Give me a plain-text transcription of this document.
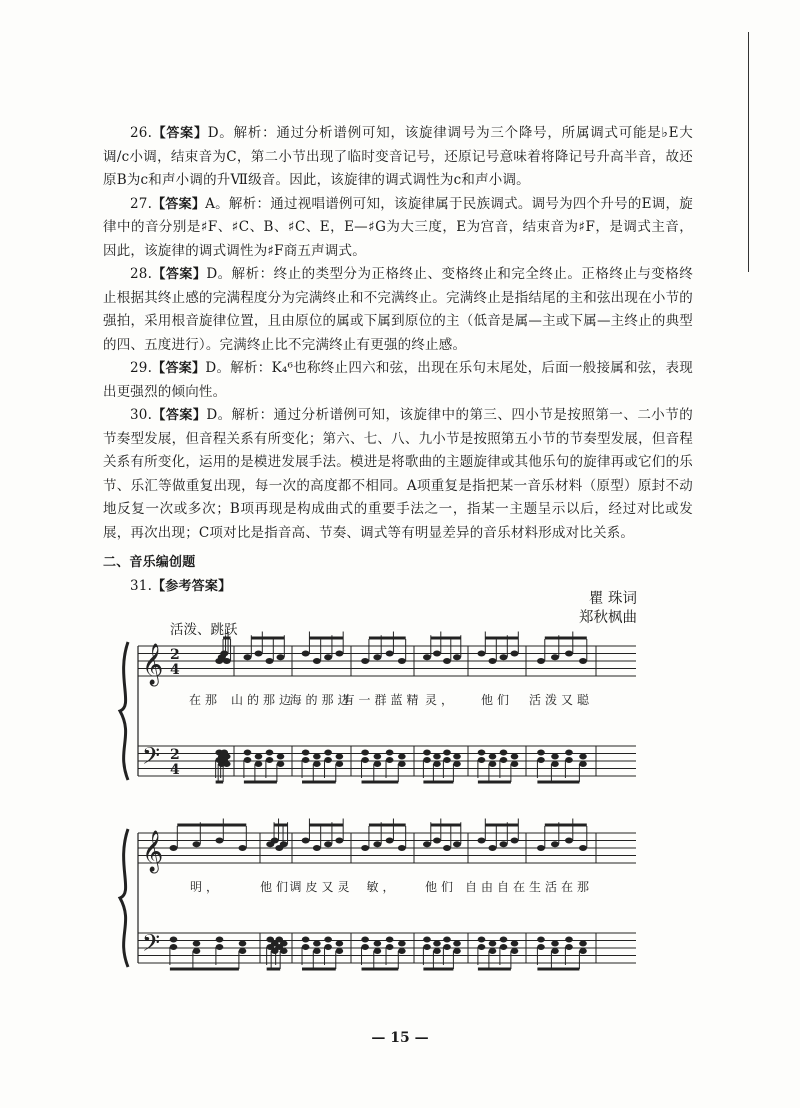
26.【答案】D。解析：通过分析谱例可知，该旋律调号为三个降号，所属调式可能是♭E大调/c小调，结束音为C，第二小节出现了临时变音记号，还原记号意味着将降记号升高半音，故还原B为c和声小调的升Ⅶ级音。因此，该旋律的调式调性为c和声小调。

27.【答案】A。解析：通过视唱谱例可知，该旋律属于民族调式。调号为四个升号的E调，旋律中的音分别是♯F、♯C、B、♯C、E，E—♯G为大三度，E为宫音，结束音为♯F，是调式主音，因此，该旋律的调式调性为♯F商五声调式。

28.【答案】D。解析：终止的类型分为正格终止、变格终止和完全终止。正格终止与变格终止根据其终止感的完满程度分为完满终止和不完满终止。完满终止是指结尾的主和弦出现在小节的强拍，采用根音旋律位置，且由原位的属或下属到原位的主（低音是属—主或下属—主终止的典型的四、五度进行）。完满终止比不完满终止有更强的终止感。

29.【答案】D。解析：K₄⁶也称终止四六和弦，出现在乐句末尾处，后面一般接属和弦，表现出更强烈的倾向性。

30.【答案】D。解析：通过分析谱例可知，该旋律中的第三、四小节是按照第一、二小节的节奏型发展，但音程关系有所变化；第六、七、八、九小节是按照第五小节的节奏型发展，但音程关系有所变化，运用的是模进发展手法。模进是将歌曲的主题旋律或其他乐句的旋律再或它们的乐节、乐汇等做重复出现，每一次的高度都不相同。A项重复是指把某一音乐材料（原型）原封不动地反复一次或多次；B项再现是构成曲式的重要手法之一，指某一主题呈示以后，经过对比或发展，再次出现；C项对比是指音高、节奏、调式等有明显差异的音乐材料形成对比关系。

二、音乐编创题

31.【参考答案】

瞿 珠词
郑秋枫曲
活泼、跳跃
𝄞
𝄢
2
4
2
4
在那 山的那边
海的那边
有一群蓝精 灵， 他们 活泼又聪
𝄞
𝄢
明，	他们
调皮又灵 敏， 他们 自由自在 生活在那
— 15 —
